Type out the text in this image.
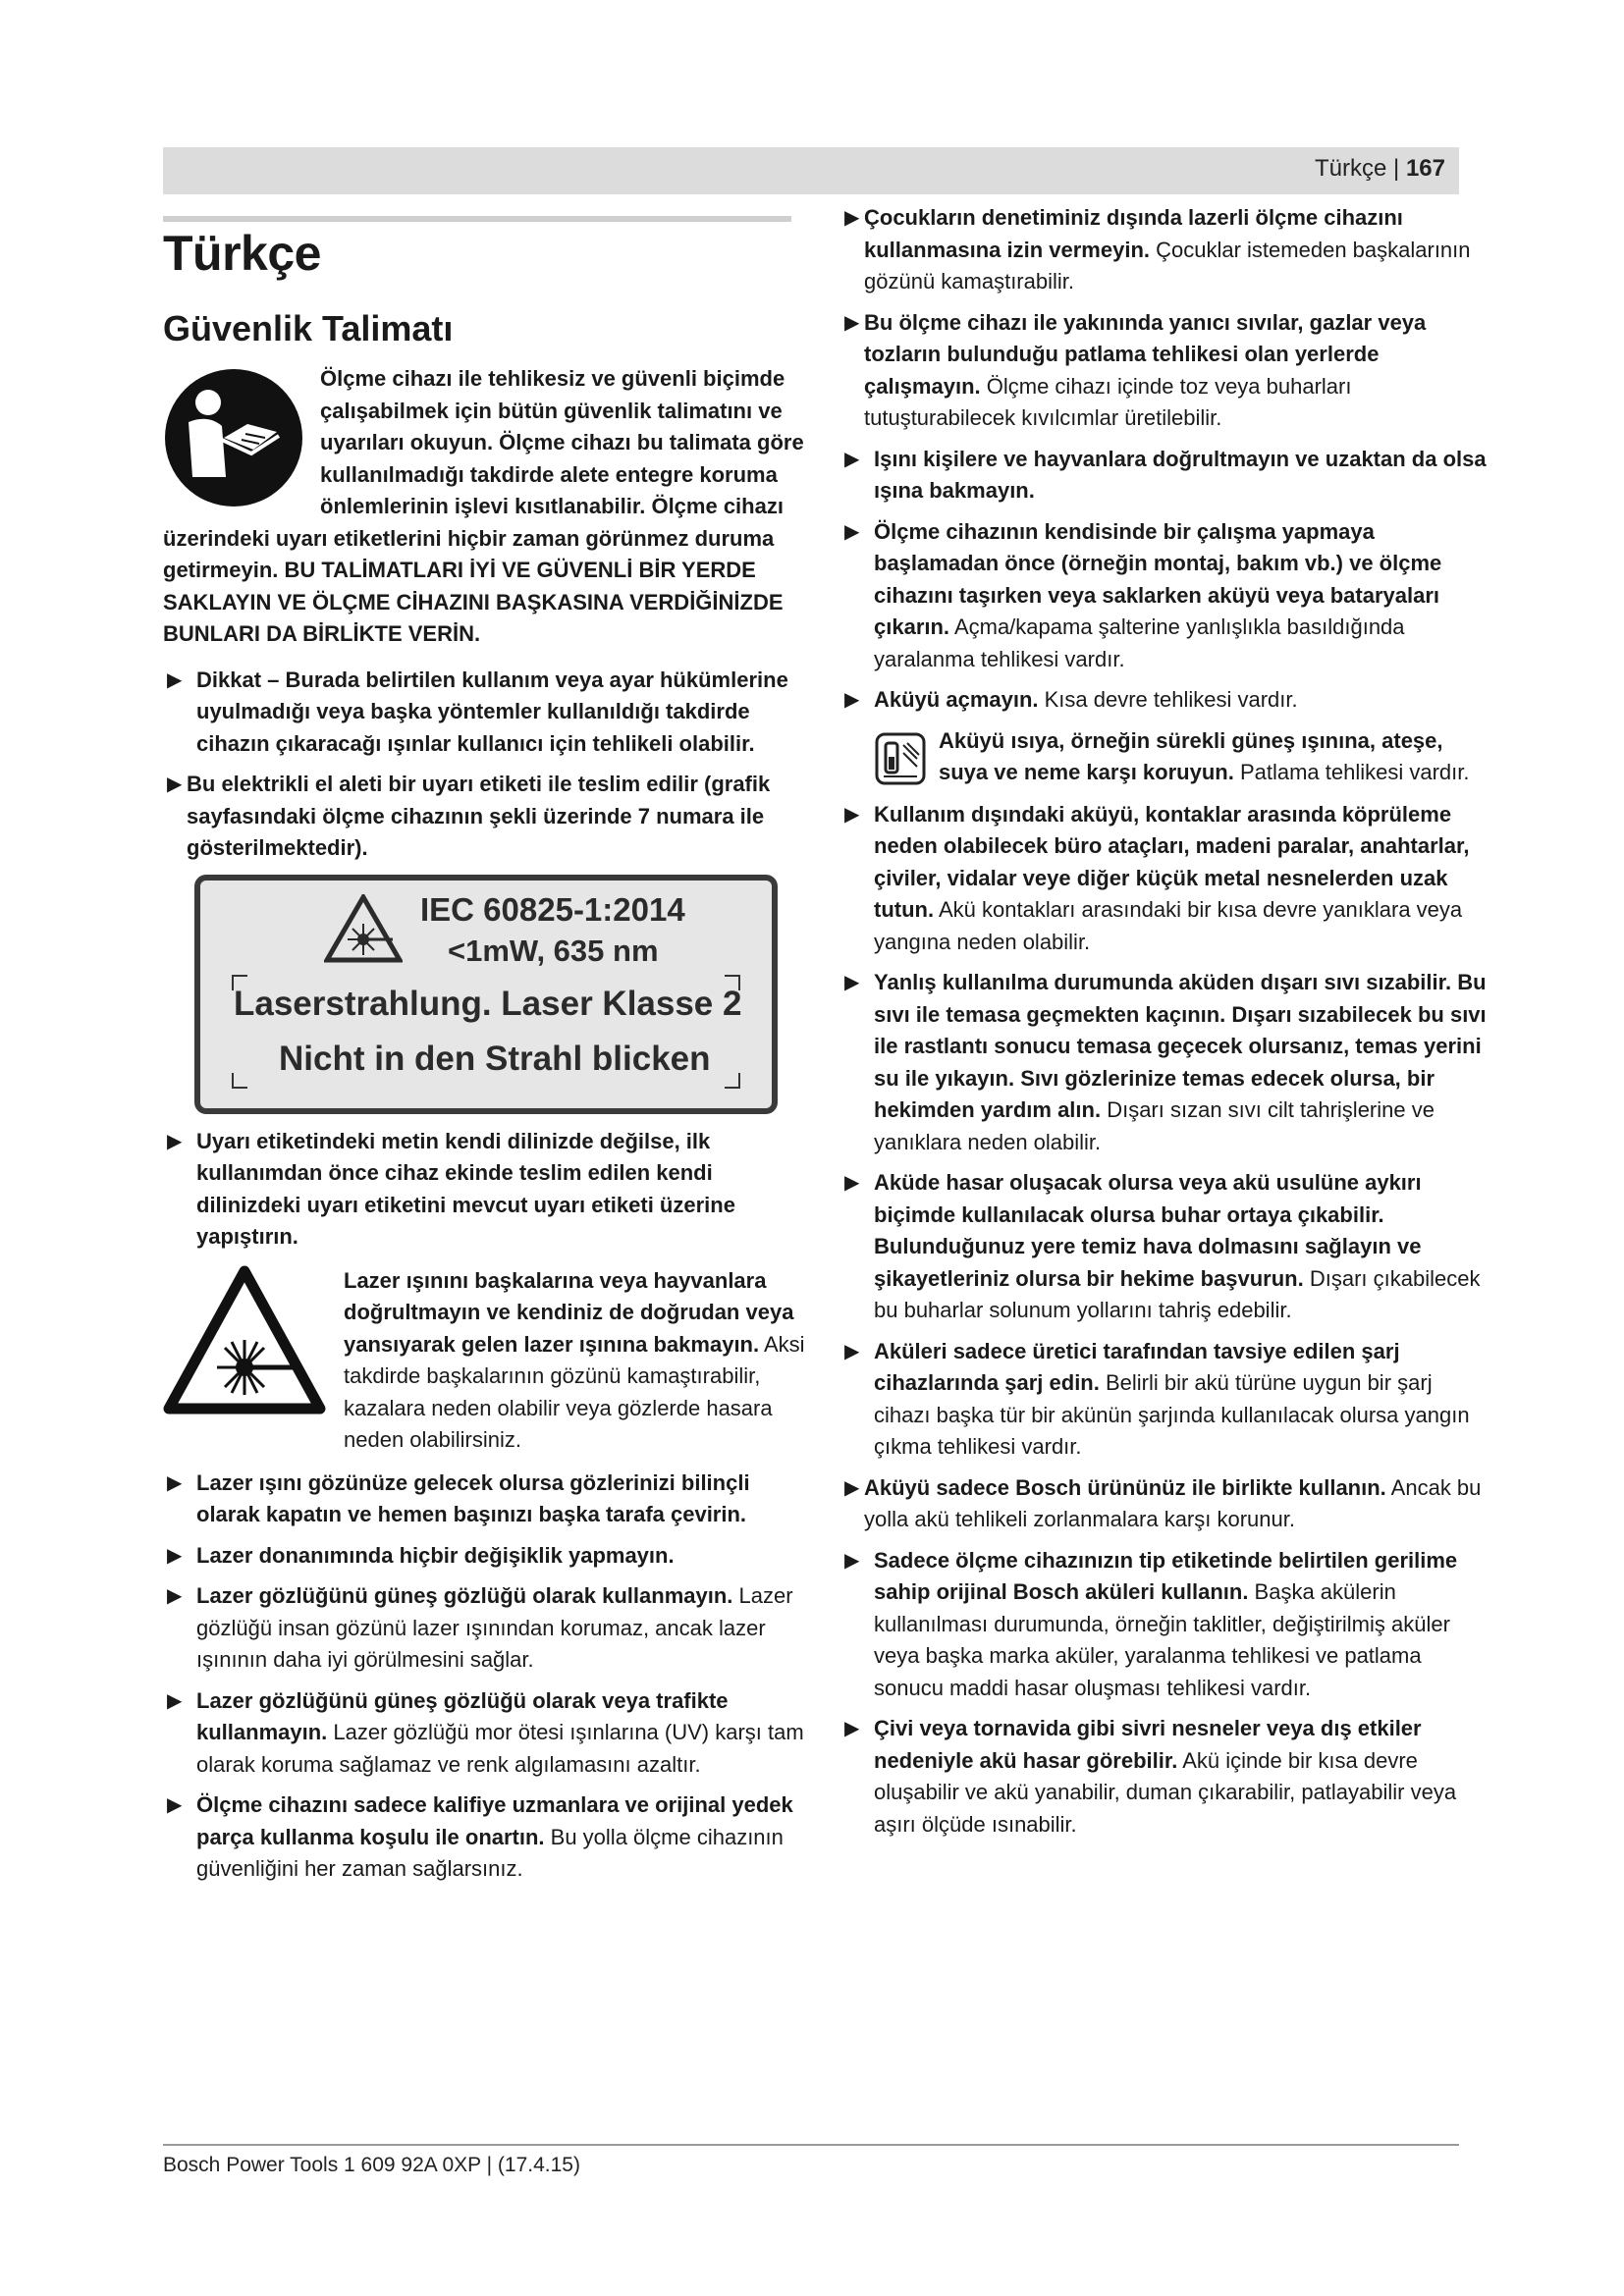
Türkçe | 167
Türkçe
Güvenlik Talimatı

Ölçme cihazı ile tehlikesiz ve güvenli biçimde çalışabilmek için bütün güvenlik talimatını ve uyarıları okuyun. Ölçme cihazı bu talimata göre kullanılmadığı takdirde alete entegre koruma önlemlerinin işlevi kısıtlanabilir. Ölçme cihazı üzerindeki uyarı etiketlerini hiçbir zaman görünmez duruma getirmeyin. BU TALİMATLARI İYİ VE GÜVENLİ BİR YERDE SAKLAYIN VE ÖLÇME CİHAZINI BAŞKASINA VERDİĞİNİZDE BUNLARI DA BİRLİKTE VERİN.

▶ Dikkat – Burada belirtilen kullanım veya ayar hükümlerine uyulmadığı veya başka yöntemler kullanıldığı takdirde cihazın çıkaracağı ışınlar kullanıcı için tehlikeli olabilir.
▶ Bu elektrikli el aleti bir uyarı etiketi ile teslim edilir (grafik sayfasındaki ölçme cihazının şekli üzerinde 7 numara ile gösterilmektedir).
IEC 60825-1:2014
<1mW, 635 nm
Laserstrahlung. Laser Klasse 2
Nicht in den Strahl blicken
▶ Uyarı etiketindeki metin kendi dilinizde değilse, ilk kullanımdan önce cihaz ekinde teslim edilen kendi dilinizdeki uyarı etiketini mevcut uyarı etiketi üzerine yapıştırın.

Lazer ışınını başkalarına veya hayvanlara doğrultmayın ve kendiniz de doğrudan veya yansıyarak gelen lazer ışınına bakmayın. Aksi takdirde başkalarının gözünü kamaştırabilir, kazalara neden olabilir veya gözlerde hasara neden olabilirsiniz.

▶ Lazer ışını gözünüze gelecek olursa gözlerinizi bilinçli olarak kapatın ve hemen başınızı başka tarafa çevirin.
▶ Lazer donanımında hiçbir değişiklik yapmayın.
▶ Lazer gözlüğünü güneş gözlüğü olarak kullanmayın. Lazer gözlüğü insan gözünü lazer ışınından korumaz, ancak lazer ışınının daha iyi görülmesini sağlar.
▶ Lazer gözlüğünü güneş gözlüğü olarak veya trafikte kullanmayın. Lazer gözlüğü mor ötesi ışınlarına (UV) karşı tam olarak koruma sağlamaz ve renk algılamasını azaltır.
▶ Ölçme cihazını sadece kalifiye uzmanlara ve orijinal yedek parça kullanma koşulu ile onartın. Bu yolla ölçme cihazının güvenliğini her zaman sağlarsınız.
▶ Çocukların denetiminiz dışında lazerli ölçme cihazını kullanmasına izin vermeyin. Çocuklar istemeden başkalarının gözünü kamaştırabilir.
▶ Bu ölçme cihazı ile yakınında yanıcı sıvılar, gazlar veya tozların bulunduğu patlama tehlikesi olan yerlerde çalışmayın. Ölçme cihazı içinde toz veya buharları tutuşturabilecek kıvılcımlar üretilebilir.
▶ Işını kişilere ve hayvanlara doğrultmayın ve uzaktan da olsa ışına bakmayın.
▶ Ölçme cihazının kendisinde bir çalışma yapmaya başlamadan önce (örneğin montaj, bakım vb.) ve ölçme cihazını taşırken veya saklarken aküyü veya bataryaları çıkarın. Açma/kapama şalterine yanlışlıkla basıldığında yaralanma tehlikesi vardır.
▶ Aküyü açmayın. Kısa devre tehlikesi vardır.

Aküyü ısıya, örneğin sürekli güneş ışınına, ateşe, suya ve neme karşı koruyun. Patlama tehlikesi vardır.

▶ Kullanım dışındaki aküyü, kontaklar arasında köprüleme neden olabilecek büro ataçları, madeni paralar, anahtarlar, çiviler, vidalar veye diğer küçük metal nesnelerden uzak tutun. Akü kontakları arasındaki bir kısa devre yanıklara veya yangına neden olabilir.
▶ Yanlış kullanılma durumunda aküden dışarı sıvı sızabilir. Bu sıvı ile temasa geçmekten kaçının. Dışarı sızabilecek bu sıvı ile rastlantı sonucu temasa geçecek olursanız, temas yerini su ile yıkayın. Sıvı gözlerinize temas edecek olursa, bir hekimden yardım alın. Dışarı sızan sıvı cilt tahrişlerine ve yanıklara neden olabilir.
▶ Aküde hasar oluşacak olursa veya akü usulüne aykırı biçimde kullanılacak olursa buhar ortaya çıkabilir. Bulunduğunuz yere temiz hava dolmasını sağlayın ve şikayetleriniz olursa bir hekime başvurun. Dışarı çıkabilecek bu buharlar solunum yollarını tahriş edebilir.
▶ Aküleri sadece üretici tarafından tavsiye edilen şarj cihazlarında şarj edin. Belirli bir akü türüne uygun bir şarj cihazı başka tür bir akünün şarjında kullanılacak olursa yangın çıkma tehlikesi vardır.
▶ Aküyü sadece Bosch ürününüz ile birlikte kullanın. Ancak bu yolla akü tehlikeli zorlanmalara karşı korunur.
▶ Sadece ölçme cihazınızın tip etiketinde belirtilen gerilime sahip orijinal Bosch aküleri kullanın. Başka akülerin kullanılması durumunda, örneğin taklitler, değiştirilmiş aküler veya başka marka aküler, yaralanma tehlikesi ve patlama sonucu maddi hasar oluşması tehlikesi vardır.
▶ Çivi veya tornavida gibi sivri nesneler veya dış etkiler nedeniyle akü hasar görebilir. Akü içinde bir kısa devre oluşabilir ve akü yanabilir, duman çıkarabilir, patlayabilir veya aşırı ölçüde ısınabilir.
Bosch Power Tools 1 609 92A 0XP | (17.4.15)
